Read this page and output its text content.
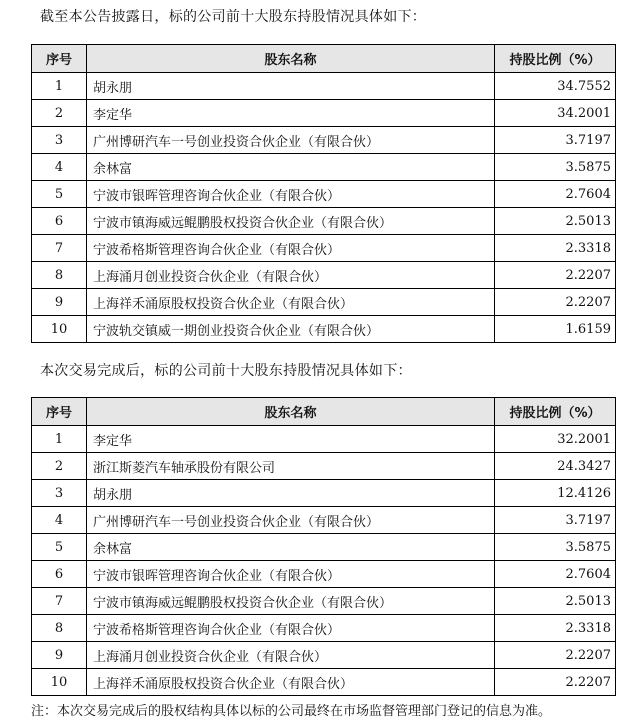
截至本公告披露日，标的公司前十大股东持股情况具体如下：

序号	股东名称	持股比例（%）
1	胡永朋	34.7552
2	李定华	34.2001
3	广州博研汽车一号创业投资合伙企业（有限合伙）	3.7197
4	余林富	3.5875
5	宁波市银晖管理咨询合伙企业（有限合伙）	2.7604
6	宁波市镇海威远鲲鹏股权投资合伙企业（有限合伙）	2.5013
7	宁波希格斯管理咨询合伙企业（有限合伙）	2.3318
8	上海涌月创业投资合伙企业（有限合伙）	2.2207
9	上海祥禾涌原股权投资合伙企业（有限合伙）	2.2207
10	宁波轨交镇威一期创业投资合伙企业（有限合伙）	1.6159

本次交易完成后，标的公司前十大股东持股情况具体如下：

序号	股东名称	持股比例（%）
1	李定华	32.2001
2	浙江斯菱汽车轴承股份有限公司	24.3427
3	胡永朋	12.4126
4	广州博研汽车一号创业投资合伙企业（有限合伙）	3.7197
5	余林富	3.5875
6	宁波市银晖管理咨询合伙企业（有限合伙）	2.7604
7	宁波市镇海威远鲲鹏股权投资合伙企业（有限合伙）	2.5013
8	宁波希格斯管理咨询合伙企业（有限合伙）	2.3318
9	上海涌月创业投资合伙企业（有限合伙）	2.2207
10	上海祥禾涌原股权投资合伙企业（有限合伙）	2.2207

注：本次交易完成后的股权结构具体以标的公司最终在市场监督管理部门登记的信息为准。
